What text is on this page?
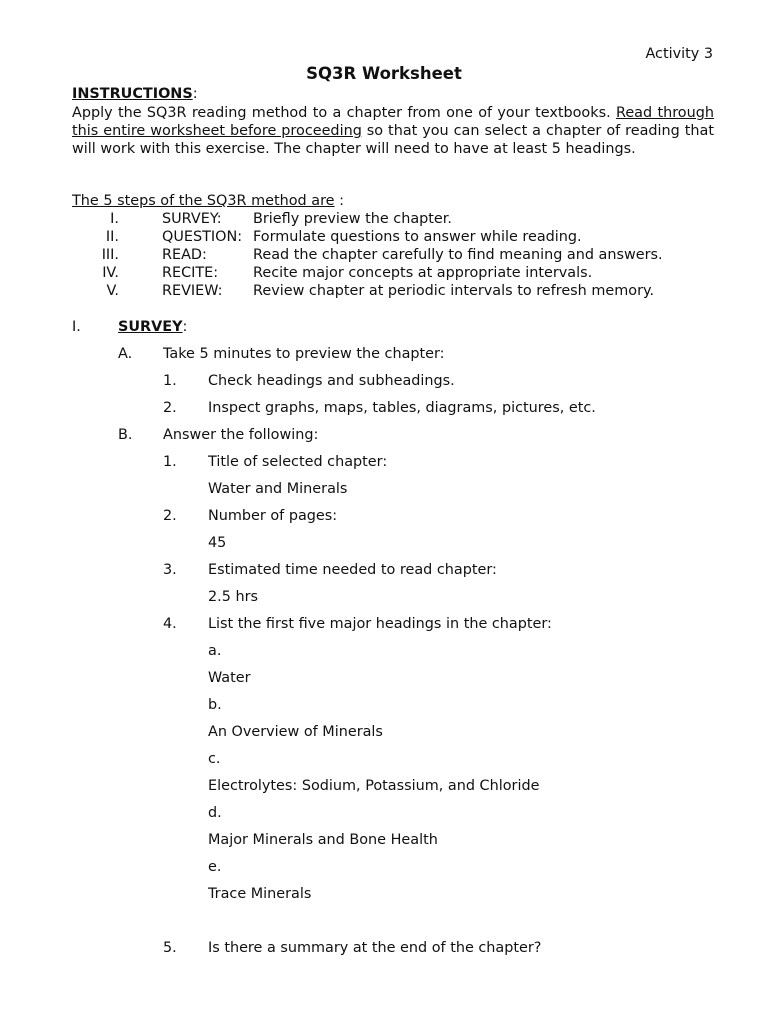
Activity 3
SQ3R Worksheet
INSTRUCTIONS:
Apply the SQ3R reading method to a chapter from one of your textbooks. Read through this entire worksheet before proceeding so that you can select a chapter of reading that will work with this exercise. The chapter will need to have at least 5 headings.
The 5 steps of the SQ3R method are :
I.	SURVEY: Briefly preview the chapter.
II.	QUESTION: Formulate questions to answer while reading.
III.	READ:	Read the chapter carefully to find meaning and answers.
IV.	RECITE: Recite major concepts at appropriate intervals.
V.	REVIEW: Review chapter at periodic intervals to refresh memory.
I.	SURVEY:
A. Take 5 minutes to preview the chapter:
1. Check headings and subheadings.
2. Inspect graphs, maps, tables, diagrams, pictures, etc.
B. Answer the following:
1. Title of selected chapter:
Water and Minerals
2. Number of pages:
45
3. Estimated time needed to read chapter:
2.5 hrs
4. List the first five major headings in the chapter:
a.
Water
b.
An Overview of Minerals
c.
Electrolytes: Sodium, Potassium, and Chloride
d.
Major Minerals and Bone Health
e.
Trace Minerals
5. Is there a summary at the end of the chapter?
